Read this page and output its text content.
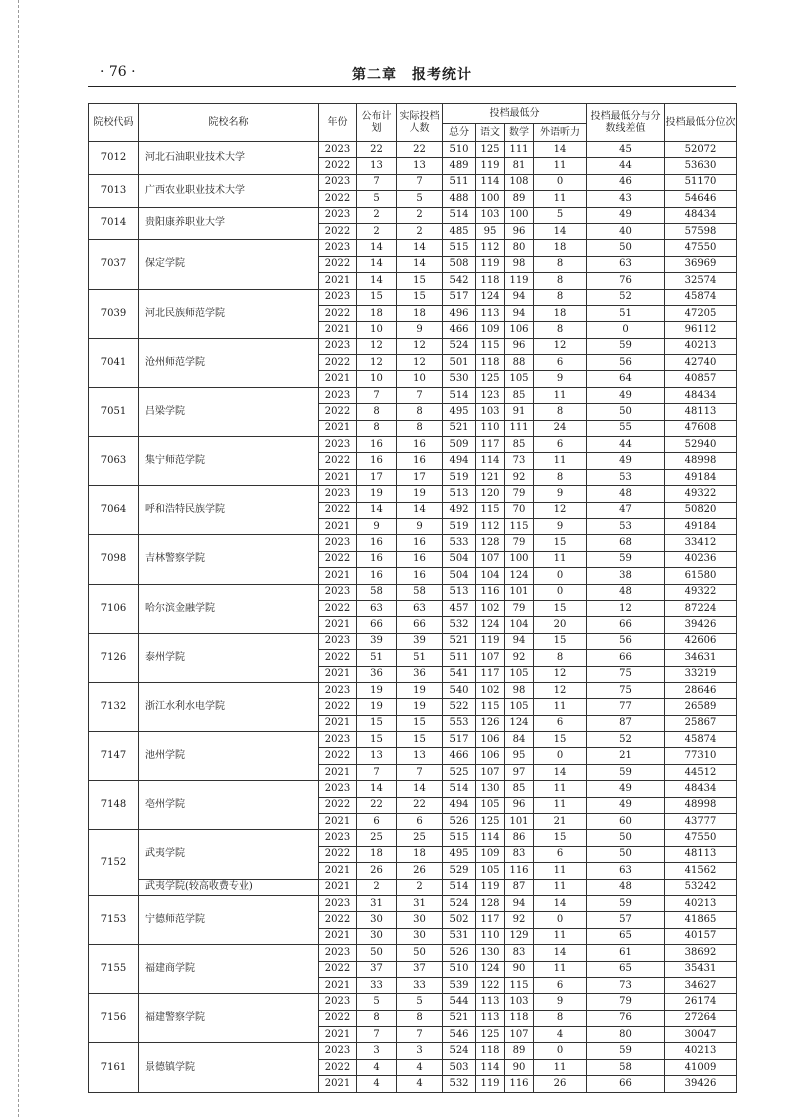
· 76 ·	第二章　报考统计
院校代码	院校名称	年份	公布计划	实际投档人数	投档最低分				投档最低分与分数线差值	投档最低分位次
					总分	语文	数学	外语听力		
7012	河北石油职业技术大学	2023	22	22	510	125	111	14	45	52072
		2022	13	13	489	119	81	11	44	53630
7013	广西农业职业技术大学	2023	7	7	511	114	108	0	46	51170
		2022	5	5	488	100	89	11	43	54646
7014	贵阳康养职业大学	2023	2	2	514	103	100	5	49	48434
		2022	2	2	485	95	96	14	40	57598
7037	保定学院	2023	14	14	515	112	80	18	50	47550
		2022	14	14	508	119	98	8	63	36969
		2021	14	15	542	118	119	8	76	32574
7039	河北民族师范学院	2023	15	15	517	124	94	8	52	45874
		2022	18	18	496	113	94	18	51	47205
		2021	10	9	466	109	106	8	0	96112
7041	沧州师范学院	2023	12	12	524	115	96	12	59	40213
		2022	12	12	501	118	88	6	56	42740
		2021	10	10	530	125	105	9	64	40857
7051	吕梁学院	2023	7	7	514	123	85	11	49	48434
		2022	8	8	495	103	91	8	50	48113
		2021	8	8	521	110	111	24	55	47608
7063	集宁师范学院	2023	16	16	509	117	85	6	44	52940
		2022	16	16	494	114	73	11	49	48998
		2021	17	17	519	121	92	8	53	49184
7064	呼和浩特民族学院	2023	19	19	513	120	79	9	48	49322
		2022	14	14	492	115	70	12	47	50820
		2021	9	9	519	112	115	9	53	49184
7098	吉林警察学院	2023	16	16	533	128	79	15	68	33412
		2022	16	16	504	107	100	11	59	40236
		2021	16	16	504	104	124	0	38	61580
7106	哈尔滨金融学院	2023	58	58	513	116	101	0	48	49322
		2022	63	63	457	102	79	15	12	87224
		2021	66	66	532	124	104	20	66	39426
7126	泰州学院	2023	39	39	521	119	94	15	56	42606
		2022	51	51	511	107	92	8	66	34631
		2021	36	36	541	117	105	12	75	33219
7132	浙江水利水电学院	2023	19	19	540	102	98	12	75	28646
		2022	19	19	522	115	105	11	77	26589
		2021	15	15	553	126	124	6	87	25867
7147	池州学院	2023	15	15	517	106	84	15	52	45874
		2022	13	13	466	106	95	0	21	77310
		2021	7	7	525	107	97	14	59	44512
7148	亳州学院	2023	14	14	514	130	85	11	49	48434
		2022	22	22	494	105	96	11	49	48998
		2021	6	6	526	125	101	21	60	43777
7152	武夷学院	2023	25	25	515	114	86	15	50	47550
		2022	18	18	495	109	83	6	50	48113
		2021	26	26	529	105	116	11	63	41562
	武夷学院(较高收费专业)	2021	2	2	514	119	87	11	48	53242
7153	宁德师范学院	2023	31	31	524	128	94	14	59	40213
		2022	30	30	502	117	92	0	57	41865
		2021	30	30	531	110	129	11	65	40157
7155	福建商学院	2023	50	50	526	130	83	14	61	38692
		2022	37	37	510	124	90	11	65	35431
		2021	33	33	539	122	115	6	73	34627
7156	福建警察学院	2023	5	5	544	113	103	9	79	26174
		2022	8	8	521	113	118	8	76	27264
		2021	7	7	546	125	107	4	80	30047
7161	景德镇学院	2023	3	3	524	118	89	0	59	40213
		2022	4	4	503	114	90	11	58	41009
		2021	4	4	532	119	116	26	66	39426
